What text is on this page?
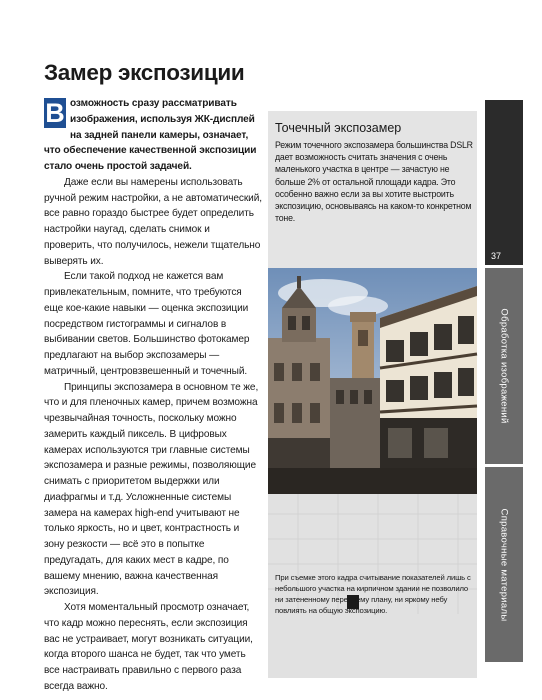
Замер экспозиции

В озможность сразу рассматривать изображения, используя ЖК-дисплей на задней панели камеры, означает, что обеспечение качественной экспозиции стало очень простой задачей.

Даже если вы намерены использовать ручной режим настройки, а не автоматический, все равно гораздо быстрее будет определить настройки наугад, сделать снимок и проверить, что получилось, нежели тщательно выверять их.

Если такой подход не кажется вам привлекательным, помните, что требуются еще кое-какие навыки — оценка экспозиции посредством гистограммы и сигналов в выбивании светов. Большинство фотокамер предлагают на выбор экспозамеры — матричный, центровзвешенный и точечный.

Принципы экспозамера в основном те же, что и для пленочных камер, причем возможна чрезвычайная точность, поскольку можно замерить каждый пиксель. В цифровых камерах используются три главные системы экспозамера и разные режимы, позволяющие снимать с приоритетом выдержки или диафрагмы и т.д. Усложненные системы замера на камерах high-end учитывают не только яркость, но и цвет, контрастность и зону резкости — всё это в попытке предугадать, для каких мест в кадре, по вашему мнению, важна качественная экспозиция.

Хотя моментальный просмотр означает, что кадр можно переснять, если экспозиция вас не устраивает, могут возникать ситуации, когда второго шанса не будет, так что уметь все настраивать правильно с первого раза всегда важно.

Точечный экспозамер
Режим точечного экспозамера большинства DSLR дает возможность считать значения с очень маленького участка в центре — зачастую не больше 2% от остальной площади кадра. Это особенно важно если за вы хотите выстроить экспозицию, основываясь на каком-то конкретном тоне.
При съемке этого кадра считывание показателей лишь с небольшого участка на кирпичном здании не позволило ни затененному переднему плану, ни яркому небу повлиять на общую экспозицию.
Цифровая среда
37
Обработка изображений
Справочные материалы
